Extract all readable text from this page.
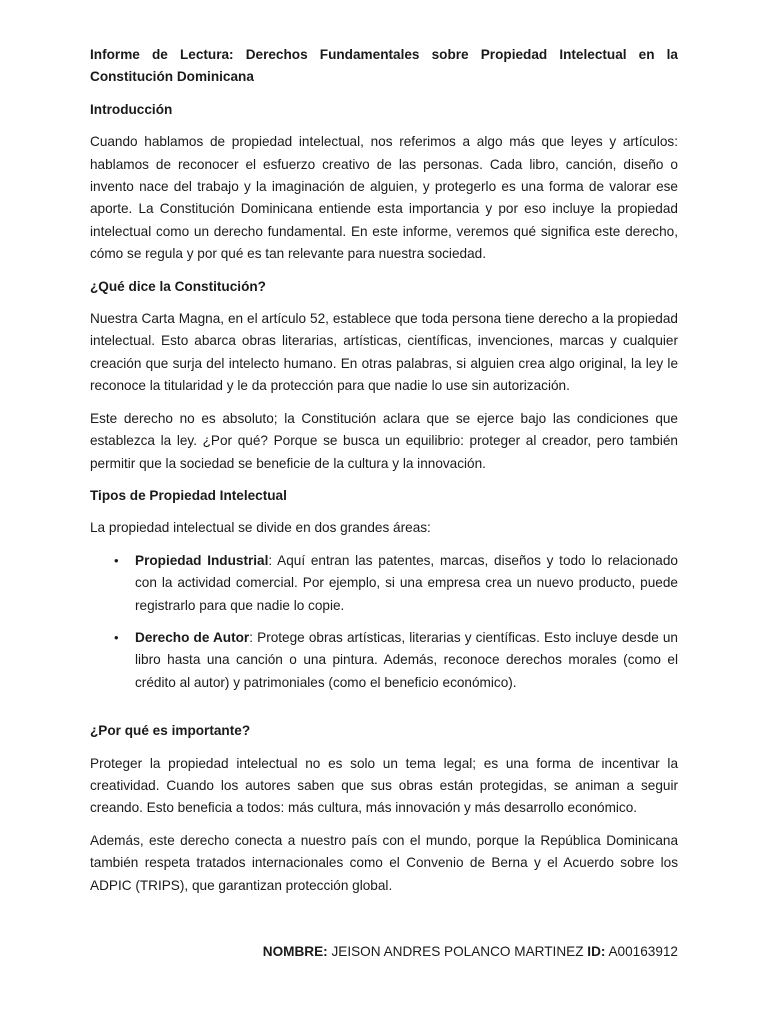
Informe de Lectura: Derechos Fundamentales sobre Propiedad Intelectual en la Constitución Dominicana
Introducción

Cuando hablamos de propiedad intelectual, nos referimos a algo más que leyes y artículos: hablamos de reconocer el esfuerzo creativo de las personas. Cada libro, canción, diseño o invento nace del trabajo y la imaginación de alguien, y protegerlo es una forma de valorar ese aporte. La Constitución Dominicana entiende esta importancia y por eso incluye la propiedad intelectual como un derecho fundamental. En este informe, veremos qué significa este derecho, cómo se regula y por qué es tan relevante para nuestra sociedad.

¿Qué dice la Constitución?

Nuestra Carta Magna, en el artículo 52, establece que toda persona tiene derecho a la propiedad intelectual. Esto abarca obras literarias, artísticas, científicas, invenciones, marcas y cualquier creación que surja del intelecto humano. En otras palabras, si alguien crea algo original, la ley le reconoce la titularidad y le da protección para que nadie lo use sin autorización.

Este derecho no es absoluto; la Constitución aclara que se ejerce bajo las condiciones que establezca la ley. ¿Por qué? Porque se busca un equilibrio: proteger al creador, pero también permitir que la sociedad se beneficie de la cultura y la innovación.

Tipos de Propiedad Intelectual

La propiedad intelectual se divide en dos grandes áreas:

• Propiedad Industrial: Aquí entran las patentes, marcas, diseños y todo lo relacionado con la actividad comercial. Por ejemplo, si una empresa crea un nuevo producto, puede registrarlo para que nadie lo copie.
• Derecho de Autor: Protege obras artísticas, literarias y científicas. Esto incluye desde un libro hasta una canción o una pintura. Además, reconoce derechos morales (como el crédito al autor) y patrimoniales (como el beneficio económico).
¿Por qué es importante?

Proteger la propiedad intelectual no es solo un tema legal; es una forma de incentivar la creatividad. Cuando los autores saben que sus obras están protegidas, se animan a seguir creando. Esto beneficia a todos: más cultura, más innovación y más desarrollo económico.

Además, este derecho conecta a nuestro país con el mundo, porque la República Dominicana también respeta tratados internacionales como el Convenio de Berna y el Acuerdo sobre los ADPIC (TRIPS), que garantizan protección global.

NOMBRE: JEISON ANDRES POLANCO MARTINEZ ID: A00163912
